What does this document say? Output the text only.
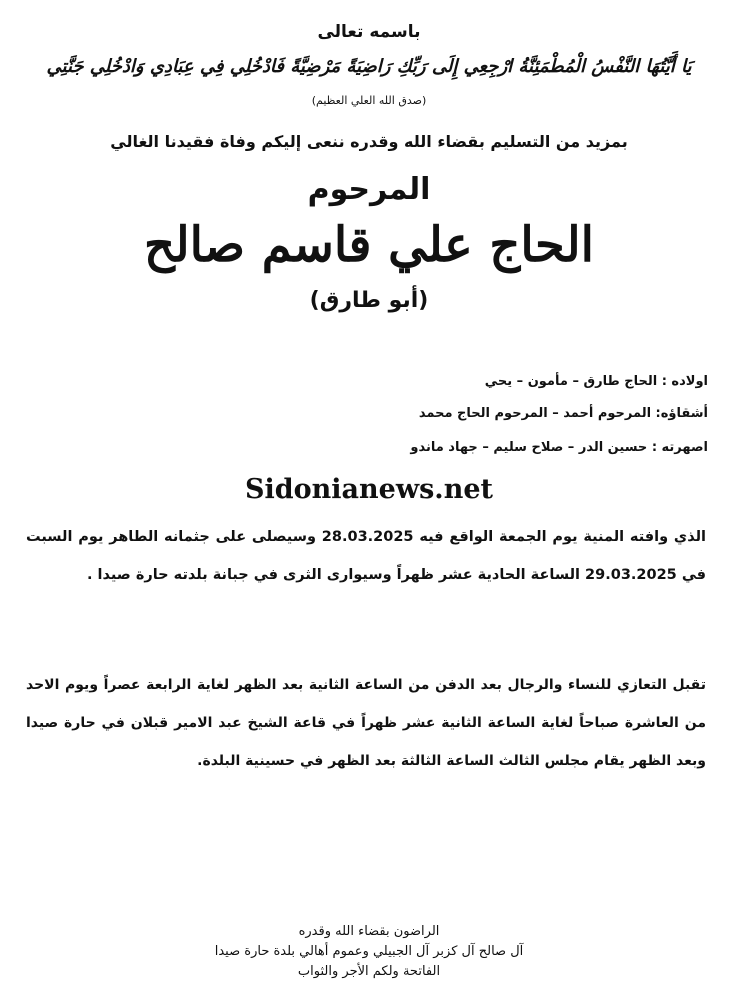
باسمه تعالى
يَا أَيَّتُهَا النَّفْسُ الْمُطْمَئِنَّةُ ارْجِعِي إِلَى رَبِّكِ رَاضِيَةً مَرْضِيَّةً فَادْخُلِي فِي عِبَادِي وَادْخُلِي جَنَّتِي
(صدق الله العلي العظيم)
بمزيد من التسليم بقضاء الله وقدره ننعى إليكم وفاة فقيدنا الغالي
المرحوم
الحاج علي قاسم صالح
(أبو طارق)
اولاده : الحاج طارق – مأمون – يحي
أشقاؤه: المرحوم أحمد – المرحوم الحاج محمد
اصهرته : حسين الدر – صلاح سليم – جهاد ماندو
Sidonianews.net
الذي وافته المنية يوم الجمعة الواقع فيه 28.03.2025 وسيصلى على جثمانه الطاهر يوم السبت في 29.03.2025 الساعة الحادية عشر ظهراً وسيوارى الثرى في جبانة بلدته حارة صيدا .
تقبل التعازي للنساء والرجال بعد الدفن من الساعة الثانية بعد الظهر لغاية الرابعة عصراً ويوم الاحد من العاشرة صباحاً لغاية الساعة الثانية عشر ظهراً في قاعة الشيخ عبد الامير قبلان في حارة صيدا وبعد الظهر يقام مجلس الثالث الساعة الثالثة بعد الظهر في حسينية البلدة.
الراضون بقضاء الله وقدره
آل صالح آل كزبر آل الجبيلي وعموم أهالي بلدة حارة صيدا
الفاتحة ولكم الأجر والثواب
